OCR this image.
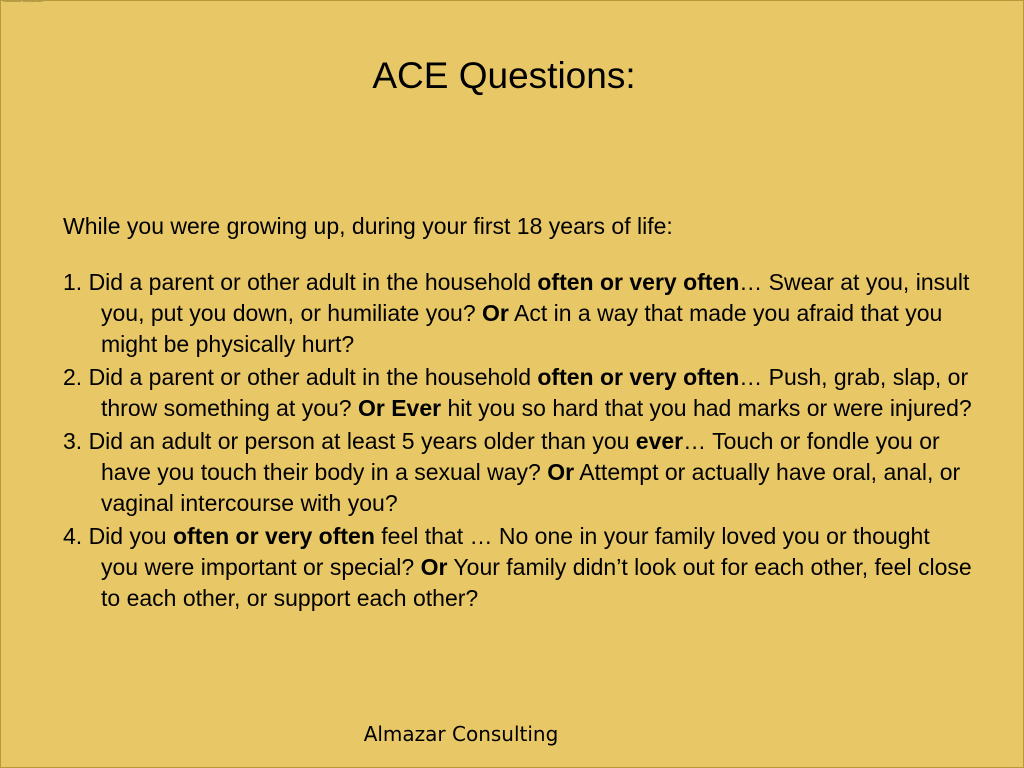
Powered by Almazar Consulting presentation
ACE Questions:

While you were growing up, during your first 18 years of life:

1. Did a parent or other adult in the household often or very often… Swear at you, insult you, put you down, or humiliate you? Or Act in a way that made you afraid that you might be physically hurt?

2. Did a parent or other adult in the household often or very often… Push, grab, slap, or throw something at you? Or Ever hit you so hard that you had marks or were injured?

3. Did an adult or person at least 5 years older than you ever… Touch or fondle you or have you touch their body in a sexual way? Or Attempt or actually have oral, anal, or vaginal intercourse with you?

4. Did you often or very often feel that … No one in your family loved you or thought you were important or special? Or Your family didn’t look out for each other, feel close to each other, or support each other?

Almazar Consulting
